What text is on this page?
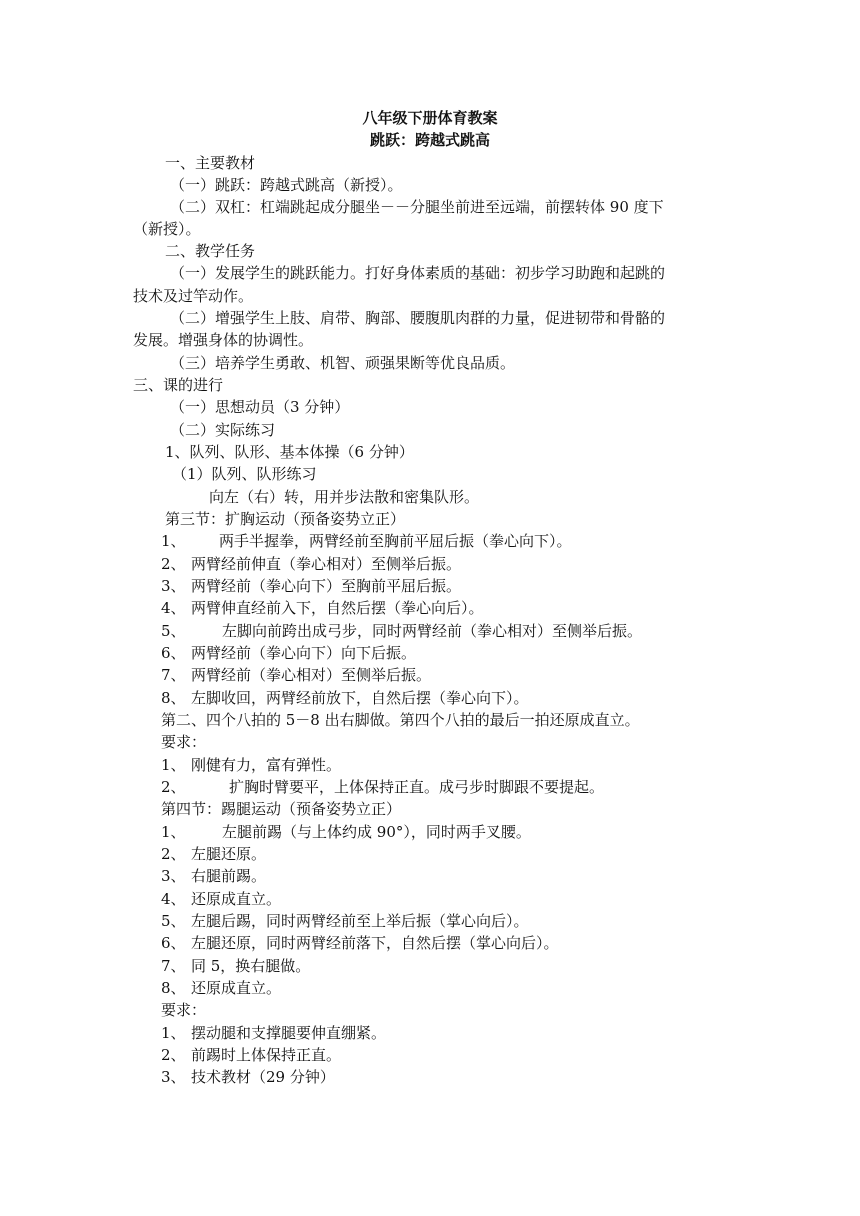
八年级下册体育教案
跳跃：跨越式跳高
一、主要教材
（一）跳跃：跨越式跳高（新授）。
（二）双杠：杠端跳起成分腿坐－－分腿坐前进至远端，前摆转体 90 度下
（新授）。
二、教学任务
（一）发展学生的跳跃能力。打好身体素质的基础：初步学习助跑和起跳的
技术及过竿动作。
（二）增强学生上肢、肩带、胸部、腰腹肌肉群的力量，促进韧带和骨骼的
发展。增强身体的协调性。
（三）培养学生勇敢、机智、顽强果断等优良品质。
三、课的进行
（一）思想动员（3 分钟）
（二）实际练习
1、队列、队形、基本体操（6 分钟）
（1）队列、队形练习
向左（右）转，用并步法散和密集队形。
第三节：扩胸运动（预备姿势立正）
1、 两手半握拳，两臂经前至胸前平屈后振（拳心向下）。
2、 两臂经前伸直（拳心相对）至侧举后振。
3、 两臂经前（拳心向下）至胸前平屈后振。
4、 两臂伸直经前入下，自然后摆（拳心向后）。
5、 左脚向前跨出成弓步，同时两臂经前（拳心相对）至侧举后振。
6、 两臂经前（拳心向下）向下后振。
7、 两臂经前（拳心相对）至侧举后振。
8、 左脚收回，两臂经前放下，自然后摆（拳心向下）。
第二、四个八拍的 5－8 出右脚做。第四个八拍的最后一拍还原成直立。
要求：
1、 刚健有力，富有弹性。
2、	扩胸时臂要平，上体保持正直。成弓步时脚跟不要提起。
第四节：踢腿运动（预备姿势立正）
1、 左腿前踢（与上体约成 90°），同时两手叉腰。
2、 左腿还原。
3、 右腿前踢。
4、 还原成直立。
5、 左腿后踢，同时两臂经前至上举后振（掌心向后）。
6、 左腿还原，同时两臂经前落下，自然后摆（掌心向后）。
7、 同 5，换右腿做。
8、 还原成直立。
要求：
1、 摆动腿和支撑腿要伸直绷紧。
2、 前踢时上体保持正直。
3、 技术教材（29 分钟）
